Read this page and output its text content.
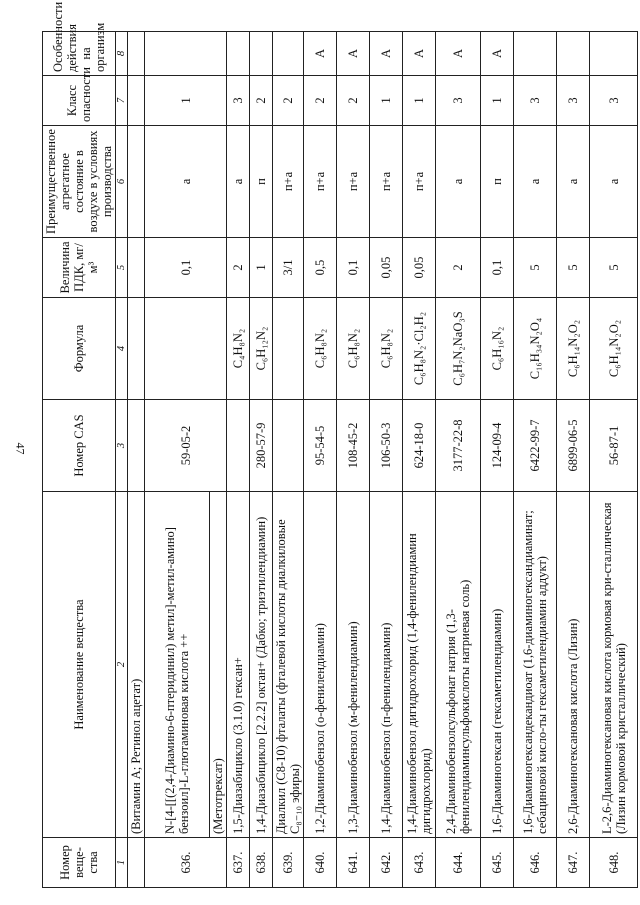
47
Номер веще-ства	Наименование вещества	Номер CAS	Формула	Величина ПДК, мг/м³	Преимущественное агрегатное состояние в воздухе в условиях производства	Класс опасности	Особенности действия на организм
1	2	3	4	5	6	7	8
	(Витамин А; Ретинол ацетат)						
636.	N-[4-[[(2,4-Диамино-6-птеридинил) метил]-метил-амино] бензоил]-L-глютаминовая кислота ++	59-05-2		0,1	а	1	
	(Метотрексат)						
637.	1,5-Диазабицикло (3.1.0) гексан+		C₄H₈N₂	2	а	3	
638.	1,4-Диазабицикло [2.2.2] октан+ (Дабко; триэтилендиамин)	280-57-9	C₆H₁₂N₂	1	п	2	
639.	Диалкил (C8-10) фталаты (фталевой кислоты диалкиловые C₈₋₁₀ эфиры)			3/1	п+а	2	
640.	1,2-Диаминобензол (о-фенилендиамин)	95-54-5	C₆H₈N₂	0,5	п+а	2	А
641.	1,3-Диаминобензол (м-фенилендиамин)	108-45-2	C₆H₈N₂	0,1	п+а	2	А
642.	1,4-Диаминобензол (п-фенилендиамин)	106-50-3	C₆H₈N₂	0,05	п+а	1	А
643.	1,4-Диаминобензол дигидрохлорид (1,4-фенилендиамин дигидрохлорид)	624-18-0	C₆H₈N₂·Cl₂H₂	0,05	п+а	1	А
644.	2,4-Диаминобензолсульфонат натрия (1,3-фенилендиаминсульфокислоты натриевая соль)	3177-22-8	C₆H₇N₂NaO₃S	2	а	3	А
645.	1,6-Диаминогексан (гексаметилендиамин)	124-09-4	C₆H₁₆N₂	0,1	п	1	А
646.	1,6-Диаминогександекандиоат (1,6-диаминогександиаминат; себациновой кисло-ты гексаметилендиамин аддукт)	6422-99-7	C₁₆H₃₄N₂O₄	5	а	3	
647.	2,6-Диаминогексановая кислота (Лизин)	6899-06-5	C₆H₁₄N₂O₂	5	а	3	
648.	L-2,6-Диаминогексановая кислота кормовая кри-сталлическая (Лизин кормовой кристаллический)	56-87-1	C₆H₁₄N₂O₂	5	а	3	
